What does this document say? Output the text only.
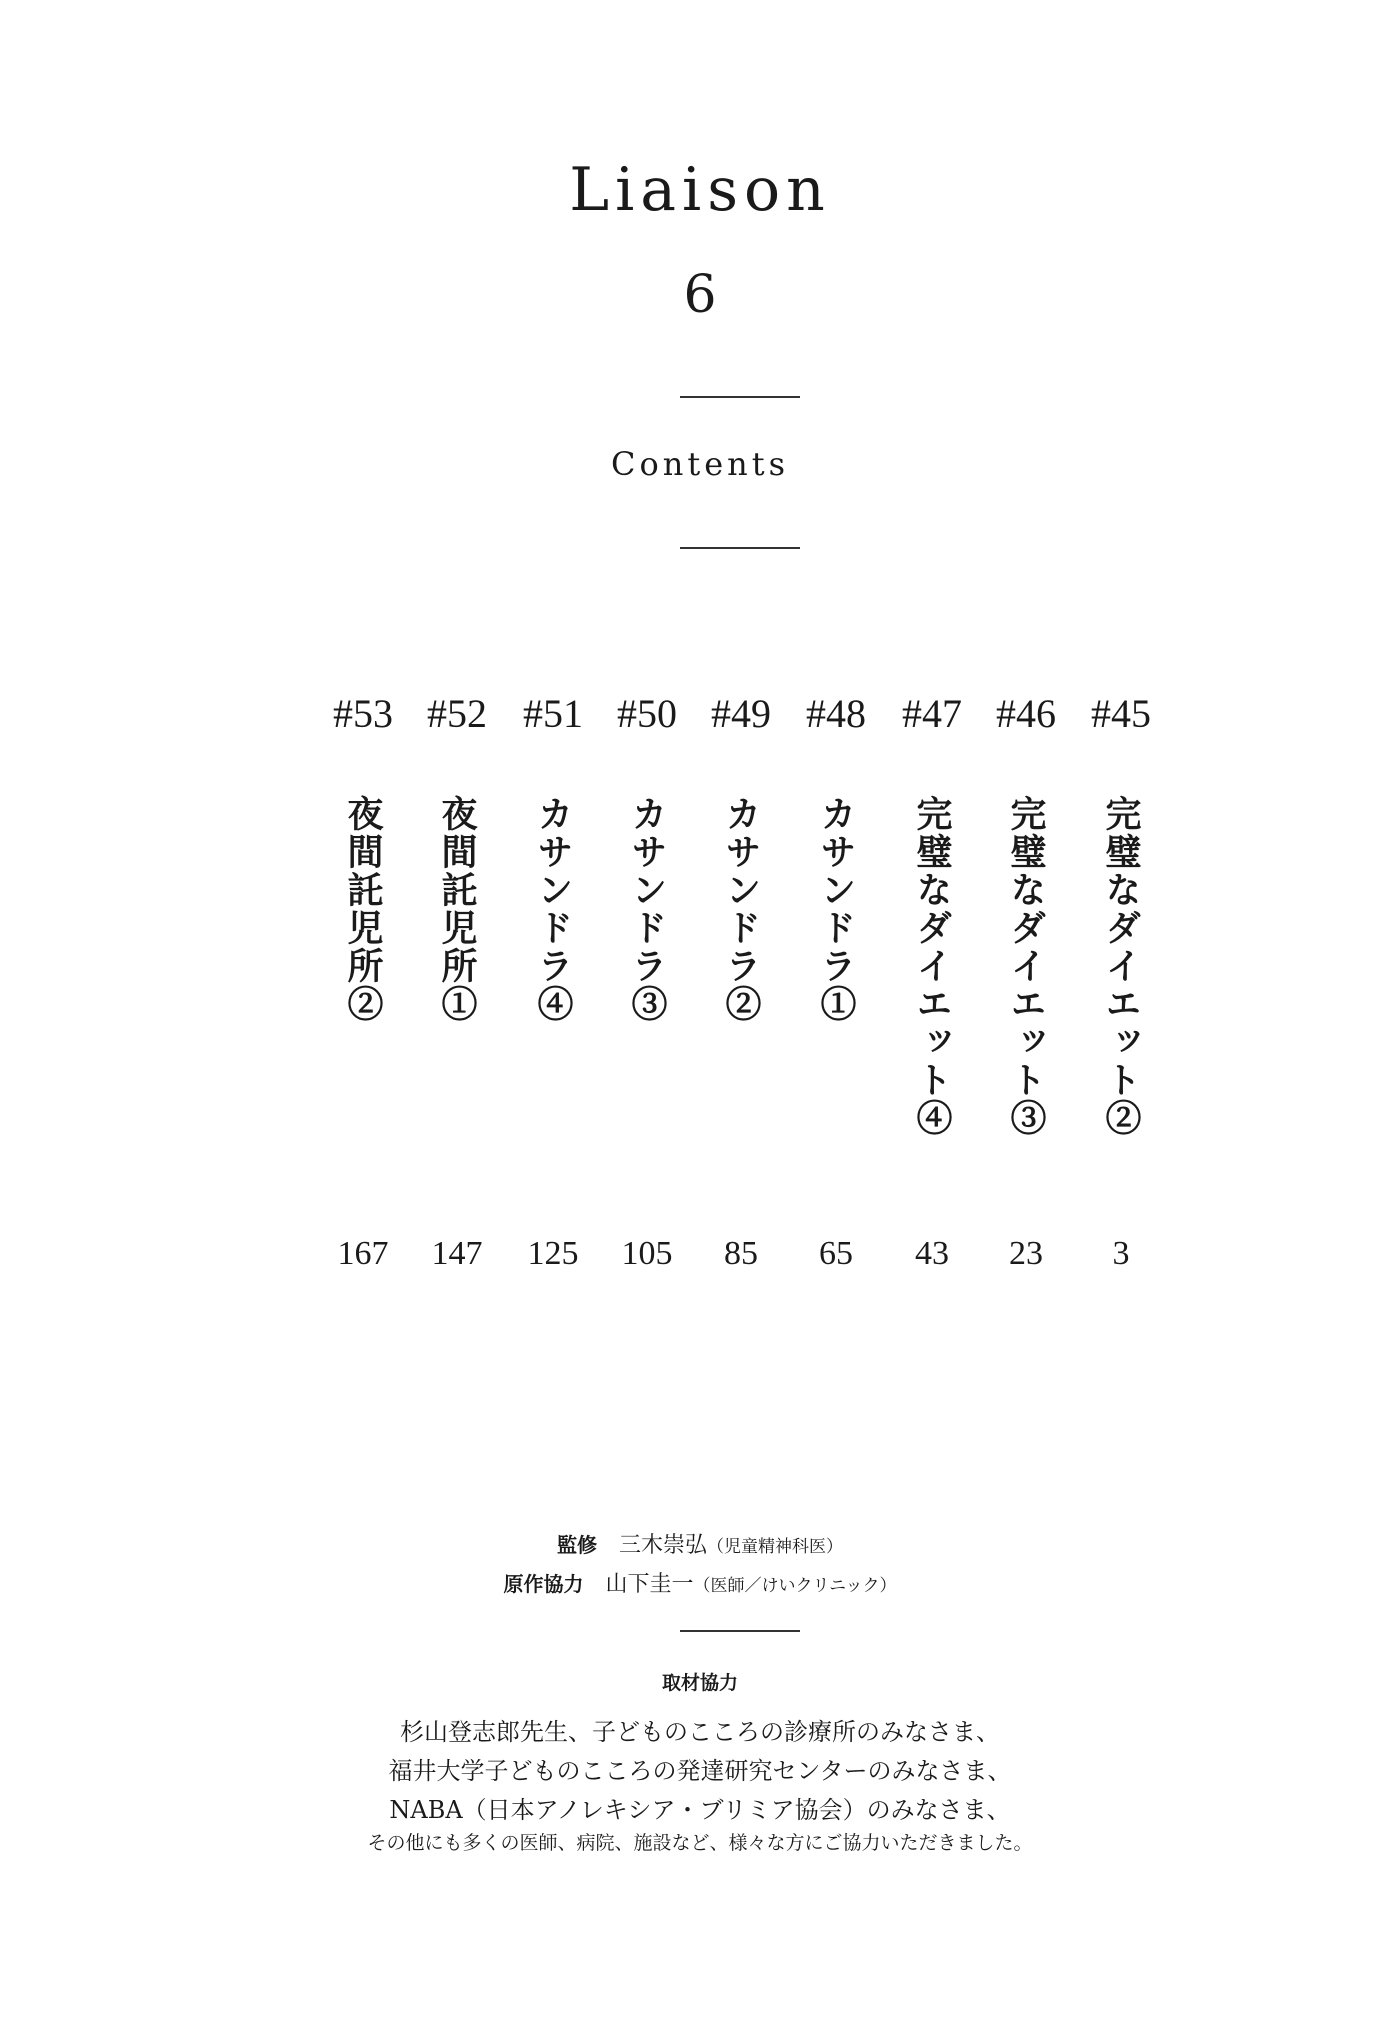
Liaison
6
Contents
#53
夜間託児所②
167
#52
夜間託児所①
147
#51
カサンドラ④
125
#50
カサンドラ③
105
#49
カサンドラ②
85
#48
カサンドラ①
65
#47
完璧なダイエット④
43
#46
完璧なダイエット③
23
#45
完璧なダイエット②
3
監修 三木崇弘（児童精神科医）
原作協力 山下圭一（医師／けいクリニック）
取材協力
杉山登志郎先生、子どものこころの診療所のみなさま、
福井大学子どものこころの発達研究センターのみなさま、
NABA（日本アノレキシア・ブリミア協会）のみなさま、
その他にも多くの医師、病院、施設など、様々な方にご協力いただきました。
